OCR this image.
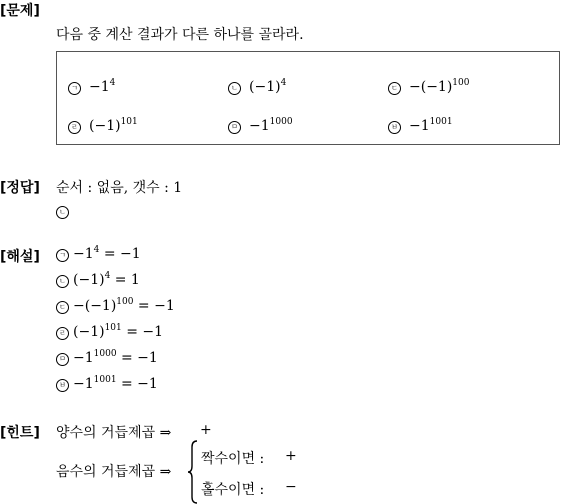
[문제]
다음 중 계산 결과가 다른 하나를 골라라.
ㄱ $-1^4$	ㄴ $(-1)^4$	ㄷ $-(-1)^{100}$
ㄹ $(-1)^{101}$	ㅁ $-1^{1000}$	ㅂ $-1^{1001}$
[정답] 순서 : 없음, 갯수 : 1
ㄴ
[해설]	ㄱ $-1^4 = -1$
ㄴ $(-1)^4 = 1$
ㄷ $-(-1)^{100} = -1$
ㄹ $(-1)^{101} = -1$
ㅁ $-1^{1000} = -1$
ㅂ $-1^{1001} = -1$
[힌트] 양수의 거듭제곱 ⇒ +
음수의 거듭제곱 ⇒
짝수이면 : +
홀수이면 : −
